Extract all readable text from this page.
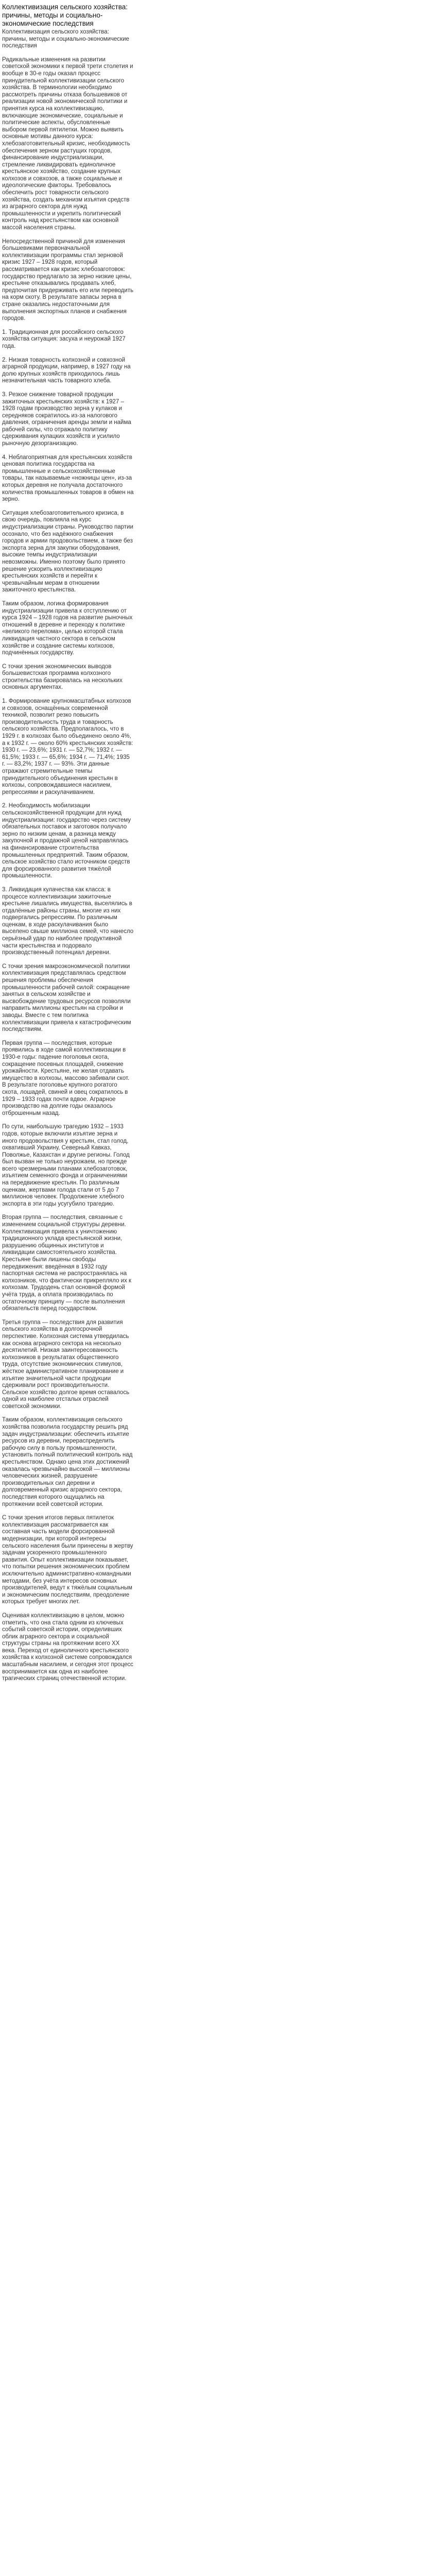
Коллективизация сельского хозяйства: причины, методы и социально-экономические последствия

Коллективизация сельского хозяйства: причины, методы и социально-экономические последствия

Радикальные изменения на развитии советской экономики к первой трети столетия и вообще в 30-е годы оказал процесс принудительной коллективизации сельского хозяйства. В терминологии необходимо рассмотреть причины отказа большевиков от реализации новой экономической политики и принятия курса на коллективизацию, включающие экономические, социальные и политические аспекты, обусловленные выбором первой пятилетки. Можно выявить основные мотивы данного курса: хлебозаготовительный кризис, необходимость обеспечения зерном растущих городов, финансирование индустриализации, стремление ликвидировать единоличное крестьянское хозяйство, создание крупных колхозов и совхозов, а также социальные и идеологические факторы. Требовалось обеспечить рост товарности сельского хозяйства, создать механизм изъятия средств из аграрного сектора для нужд промышленности и укрепить политический контроль над крестьянством как основной массой населения страны.

Непосредственной причиной для изменения большевиками первоначальной коллективизации программы стал зерновой кризис 1927 – 1928 годов, который рассматривается как кризис хлебозаготовок: государство предлагало за зерно низкие цены, крестьяне отказывались продавать хлеб, предпочитая придерживать его или переводить на корм скоту. В результате запасы зерна в стране оказались недостаточными для выполнения экспортных планов и снабжения городов.

1. Традиционная для российского сельского хозяйства ситуация: засуха и неурожай 1927 года.

2. Низкая товарность колхозной и совхозной аграрной продукции, например, в 1927 году на долю крупных хозяйств приходилось лишь незначительная часть товарного хлеба.

3. Резкое снижение товарной продукции зажиточных крестьянских хозяйств: к 1927 – 1928 годам производство зерна у кулаков и середняков сократилось из-за налогового давления, ограничения аренды земли и найма рабочей силы, что отражало политику сдерживания кулацких хозяйств и усилило рыночную дезорганизацию.

4. Неблагоприятная для крестьянских хозяйств ценовая политика государства на промышленные и сельскохозяйственные товары, так называемые «ножницы цен», из-за которых деревня не получала достаточного количества промышленных товаров в обмен на зерно.

Ситуация хлебозаготовительного кризиса, в свою очередь, повлияла на курс индустриализации страны. Руководство партии осознало, что без надёжного снабжения городов и армии продовольствием, а также без экспорта зерна для закупки оборудования, высокие темпы индустриализации невозможны. Именно поэтому было принято решение ускорить коллективизацию крестьянских хозяйств и перейти к чрезвычайным мерам в отношении зажиточного крестьянства.

Таким образом, логика формирования индустриализации привела к отступлению от курса 1924 – 1928 годов на развитие рыночных отношений в деревне и переходу к политике «великого перелома», целью которой стала ликвидация частного сектора в сельском хозяйстве и создание системы колхозов, подчинённых государству.

С точки зрения экономических выводов большевистская программа колхозного строительства базировалась на нескольких основных аргументах.

1. Формирование крупномасштабных колхозов и совхозов, оснащённых современной техникой, позволит резко повысить производительность труда и товарность сельского хозяйства. Предполагалось, что в 1929 г. в колхозах было объединено около 4%, а к 1932 г. — около 60% крестьянских хозяйств: 1930 г. — 23,6%; 1931 г. — 52,7%; 1932 г. — 61,5%; 1933 г. — 65,6%; 1934 г. — 71,4%; 1935 г. — 83,2%; 1937 г. — 93%. Эти данные отражают стремительные темпы принудительного объединения крестьян в колхозы, сопровождавшиеся насилием, репрессиями и раскулачиванием.

2. Необходимость мобилизации сельскохозяйственной продукции для нужд индустриализации: государство через систему обязательных поставок и заготовок получало зерно по низким ценам, а разница между закупочной и продажной ценой направлялась на финансирование строительства промышленных предприятий. Таким образом, сельское хозяйство стало источником средств для форсированного развития тяжёлой промышленности.

3. Ликвидация кулачества как класса: в процессе коллективизации зажиточные крестьяне лишались имущества, выселялись в отдалённые районы страны, многие из них подвергались репрессиям. По различным оценкам, в ходе раскулачивания было выселено свыше миллиона семей, что нанесло серьёзный удар по наиболее продуктивной части крестьянства и подорвало производственный потенциал деревни.

С точки зрения макроэкономической политики коллективизация представлялась средством решения проблемы обеспечения промышленности рабочей силой: сокращение занятых в сельском хозяйстве и высвобождение трудовых ресурсов позволяли направить миллионы крестьян на стройки и заводы. Вместе с тем политика коллективизации привела к катастрофическим последствиям.

Первая группа — последствия, которые проявились в ходе самой коллективизации в 1930-е годы: падение поголовья скота, сокращение посевных площадей, снижение урожайности. Крестьяне, не желая отдавать имущество в колхозы, массово забивали скот. В результате поголовье крупного рогатого скота, лошадей, свиней и овец сократилось в 1929 – 1933 годах почти вдвое. Аграрное производство на долгие годы оказалось отброшенным назад.

По сути, наибольшую трагедию 1932 – 1933 годов, которые включили изъятие зерна и иного продовольствия у крестьян, стал голод, охвативший Украину, Северный Кавказ, Поволжье, Казахстан и другие регионы. Голод был вызван не только неурожаем, но прежде всего чрезмерными планами хлебозаготовок, изъятием семенного фонда и ограничениями на передвижение крестьян. По различным оценкам, жертвами голода стали от 5 до 7 миллионов человек. Продолжение хлебного экспорта в эти годы усугубило трагедию.

Вторая группа — последствия, связанные с изменением социальной структуры деревни. Коллективизация привела к уничтожению традиционного уклада крестьянской жизни, разрушению общинных институтов и ликвидации самостоятельного хозяйства. Крестьяне были лишены свободы передвижения: введённая в 1932 году паспортная система не распространялась на колхозников, что фактически прикрепляло их к колхозам. Трудодень стал основной формой учёта труда, а оплата производилась по остаточному принципу — после выполнения обязательств перед государством.

Третья группа — последствия для развития сельского хозяйства в долгосрочной перспективе. Колхозная система утвердилась как основа аграрного сектора на несколько десятилетий. Низкая заинтересованность колхозников в результатах общественного труда, отсутствие экономических стимулов, жёсткое административное планирование и изъятие значительной части продукции сдерживали рост производительности. Сельское хозяйство долгое время оставалось одной из наиболее отсталых отраслей советской экономики.

Таким образом, коллективизация сельского хозяйства позволила государству решить ряд задач индустриализации: обеспечить изъятие ресурсов из деревни, перераспределить рабочую силу в пользу промышленности, установить полный политический контроль над крестьянством. Однако цена этих достижений оказалась чрезвычайно высокой — миллионы человеческих жизней, разрушение производительных сил деревни и долговременный кризис аграрного сектора, последствия которого ощущались на протяжении всей советской истории.

С точки зрения итогов первых пятилеток коллективизация рассматривается как составная часть модели форсированной модернизации, при которой интересы сельского населения были принесены в жертву задачам ускоренного промышленного развития. Опыт коллективизации показывает, что попытки решения экономических проблем исключительно административно-командными методами, без учёта интересов основных производителей, ведут к тяжёлым социальным и экономическим последствиям, преодоление которых требует многих лет.

Оценивая коллективизацию в целом, можно отметить, что она стала одним из ключевых событий советской истории, определивших облик аграрного сектора и социальной структуры страны на протяжении всего XX века. Переход от единоличного крестьянского хозяйства к колхозной системе сопровождался масштабным насилием, и сегодня этот процесс воспринимается как одна из наиболее трагических страниц отечественной истории.
